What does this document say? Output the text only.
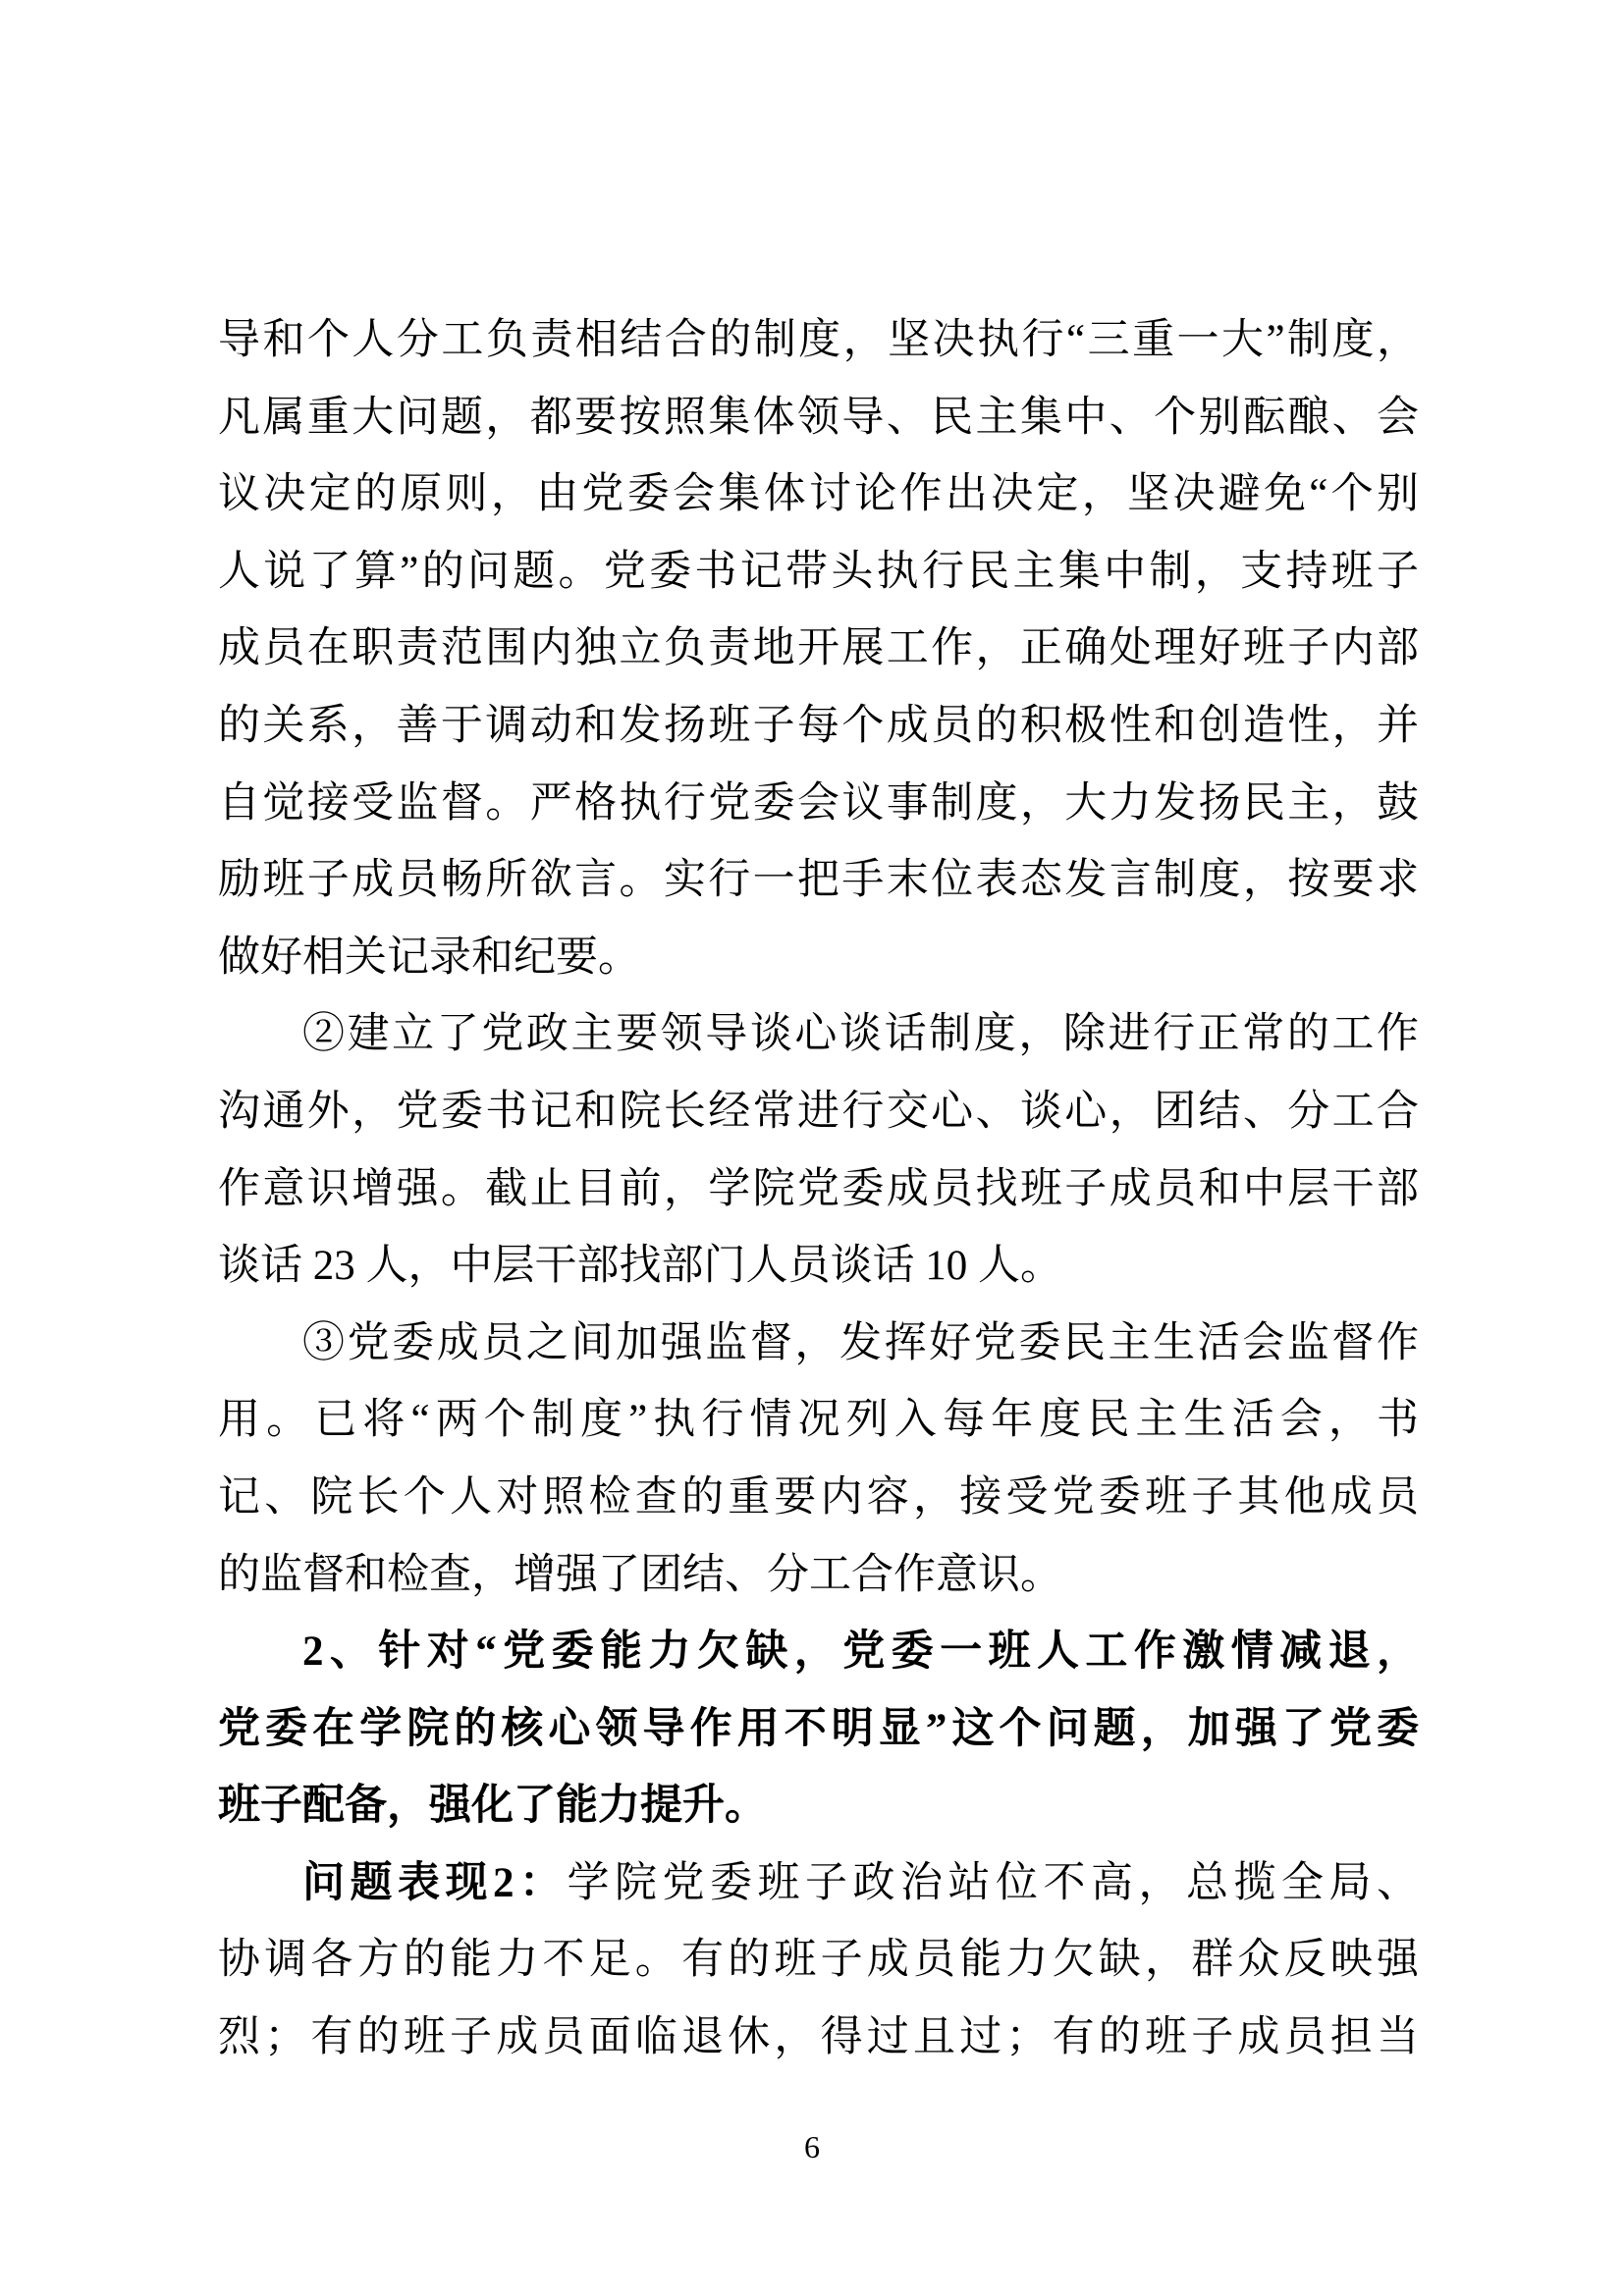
导和个人分工负责相结合的制度，坚决执行“三重一大”制度，
凡属重大问题，都要按照集体领导、民主集中、个别酝酿、会
议决定的原则，由党委会集体讨论作出决定，坚决避免“个别
人说了算”的问题。党委书记带头执行民主集中制，支持班子
成员在职责范围内独立负责地开展工作，正确处理好班子内部
的关系，善于调动和发扬班子每个成员的积极性和创造性，并
自觉接受监督。严格执行党委会议事制度，大力发扬民主，鼓
励班子成员畅所欲言。实行一把手末位表态发言制度，按要求
做好相关记录和纪要。
②建立了党政主要领导谈心谈话制度，除进行正常的工作
沟通外，党委书记和院长经常进行交心、谈心，团结、分工合
作意识增强。截止目前，学院党委成员找班子成员和中层干部
谈话 23 人，中层干部找部门人员谈话 10 人。
③党委成员之间加强监督，发挥好党委民主生活会监督作
用。已将“两个制度”执行情况列入每年度民主生活会，书
记、院长个人对照检查的重要内容，接受党委班子其他成员
的监督和检查，增强了团结、分工合作意识。
2、针对“党委能力欠缺，党委一班人工作激情减退，
党委在学院的核心领导作用不明显”这个问题，加强了党委
班子配备，强化了能力提升。
问题表现2：学院党委班子政治站位不高，总揽全局、
协调各方的能力不足。有的班子成员能力欠缺，群众反映强
烈；有的班子成员面临退休，得过且过；有的班子成员担当
6
